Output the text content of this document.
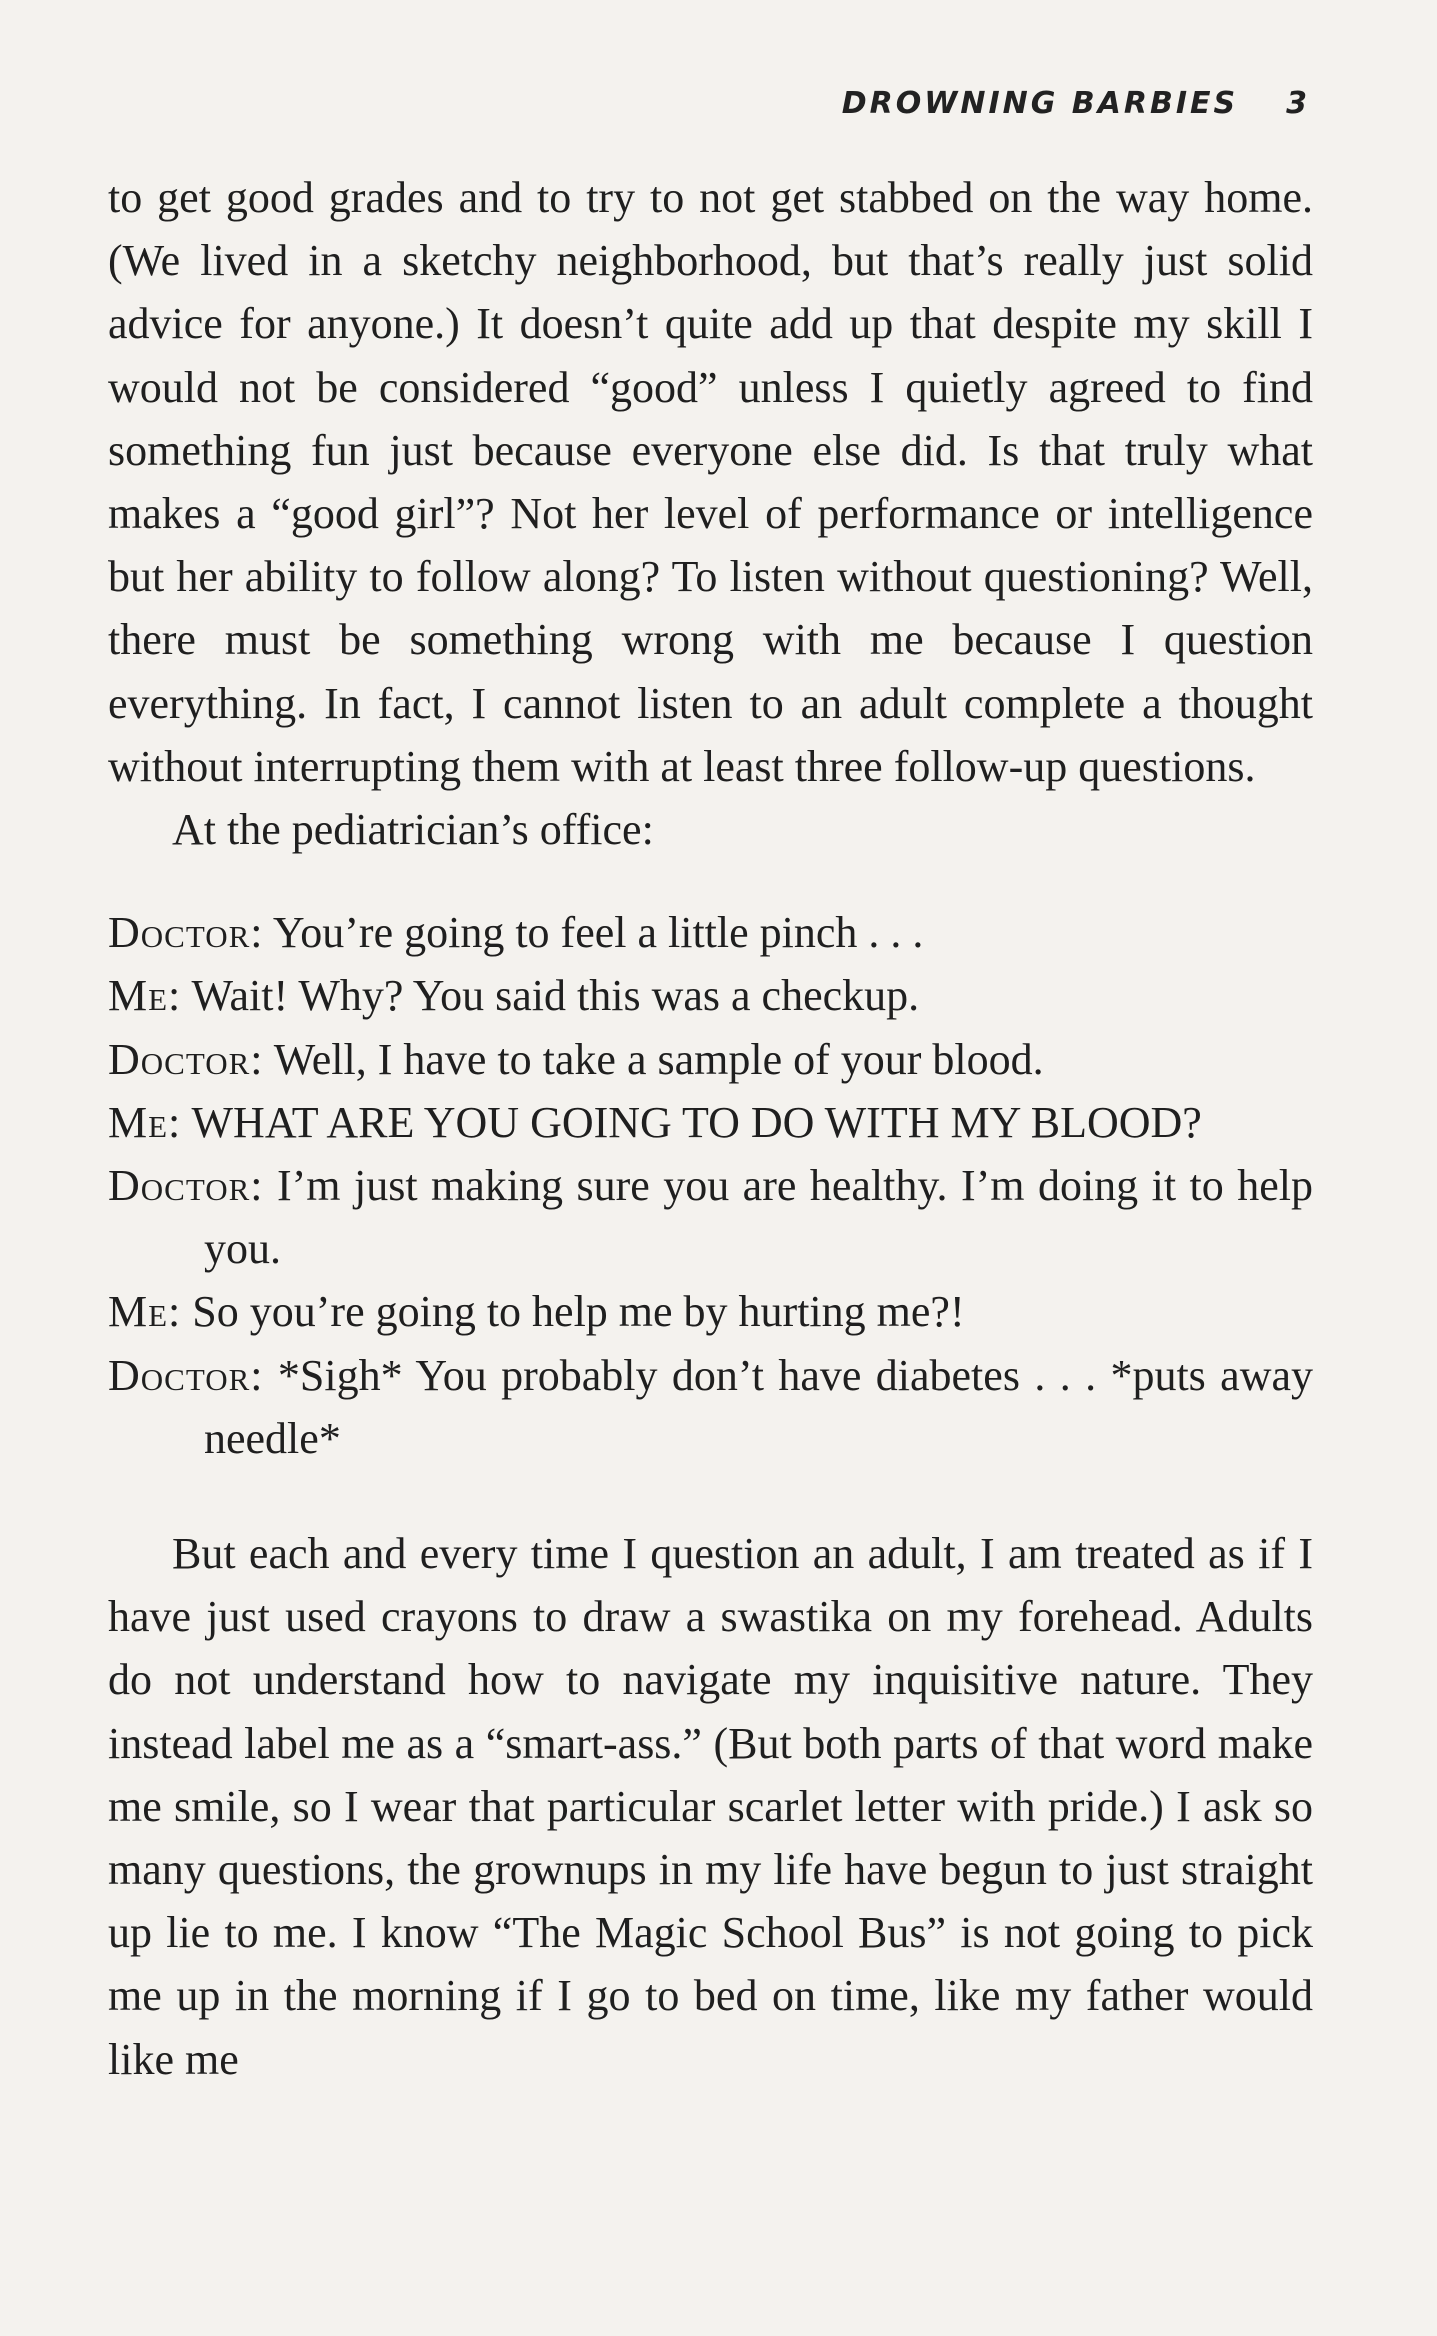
DROWNING BARBIES 3

to get good grades and to try to not get stabbed on the way home. (We lived in a sketchy neighborhood, but that’s really just solid advice for anyone.) It doesn’t quite add up that despite my skill I would not be considered “good” unless I quietly agreed to find something fun just because everyone else did. Is that truly what makes a “good girl”? Not her level of performance or intelligence but her ability to follow along? To listen without questioning? Well, there must be something wrong with me because I question everything. In fact, I cannot listen to an adult complete a thought without interrupting them with at least three follow-up questions.

At the pediatrician’s office:

Doctor: You’re going to feel a little pinch . . .
Me: Wait! Why? You said this was a checkup.
Doctor: Well, I have to take a sample of your blood.
Me: WHAT ARE YOU GOING TO DO WITH MY BLOOD?
Doctor: I’m just making sure you are healthy. I’m doing it to help you.
Me: So you’re going to help me by hurting me?!
Doctor: *Sigh* You probably don’t have diabetes . . . *puts away needle*

But each and every time I question an adult, I am treated as if I have just used crayons to draw a swastika on my forehead. Adults do not understand how to navigate my inquisitive nature. They instead label me as a “smart-ass.” (But both parts of that word make me smile, so I wear that particular scarlet letter with pride.) I ask so many questions, the grownups in my life have begun to just straight up lie to me. I know “The Magic School Bus” is not going to pick me up in the morning if I go to bed on time, like my father would like me
